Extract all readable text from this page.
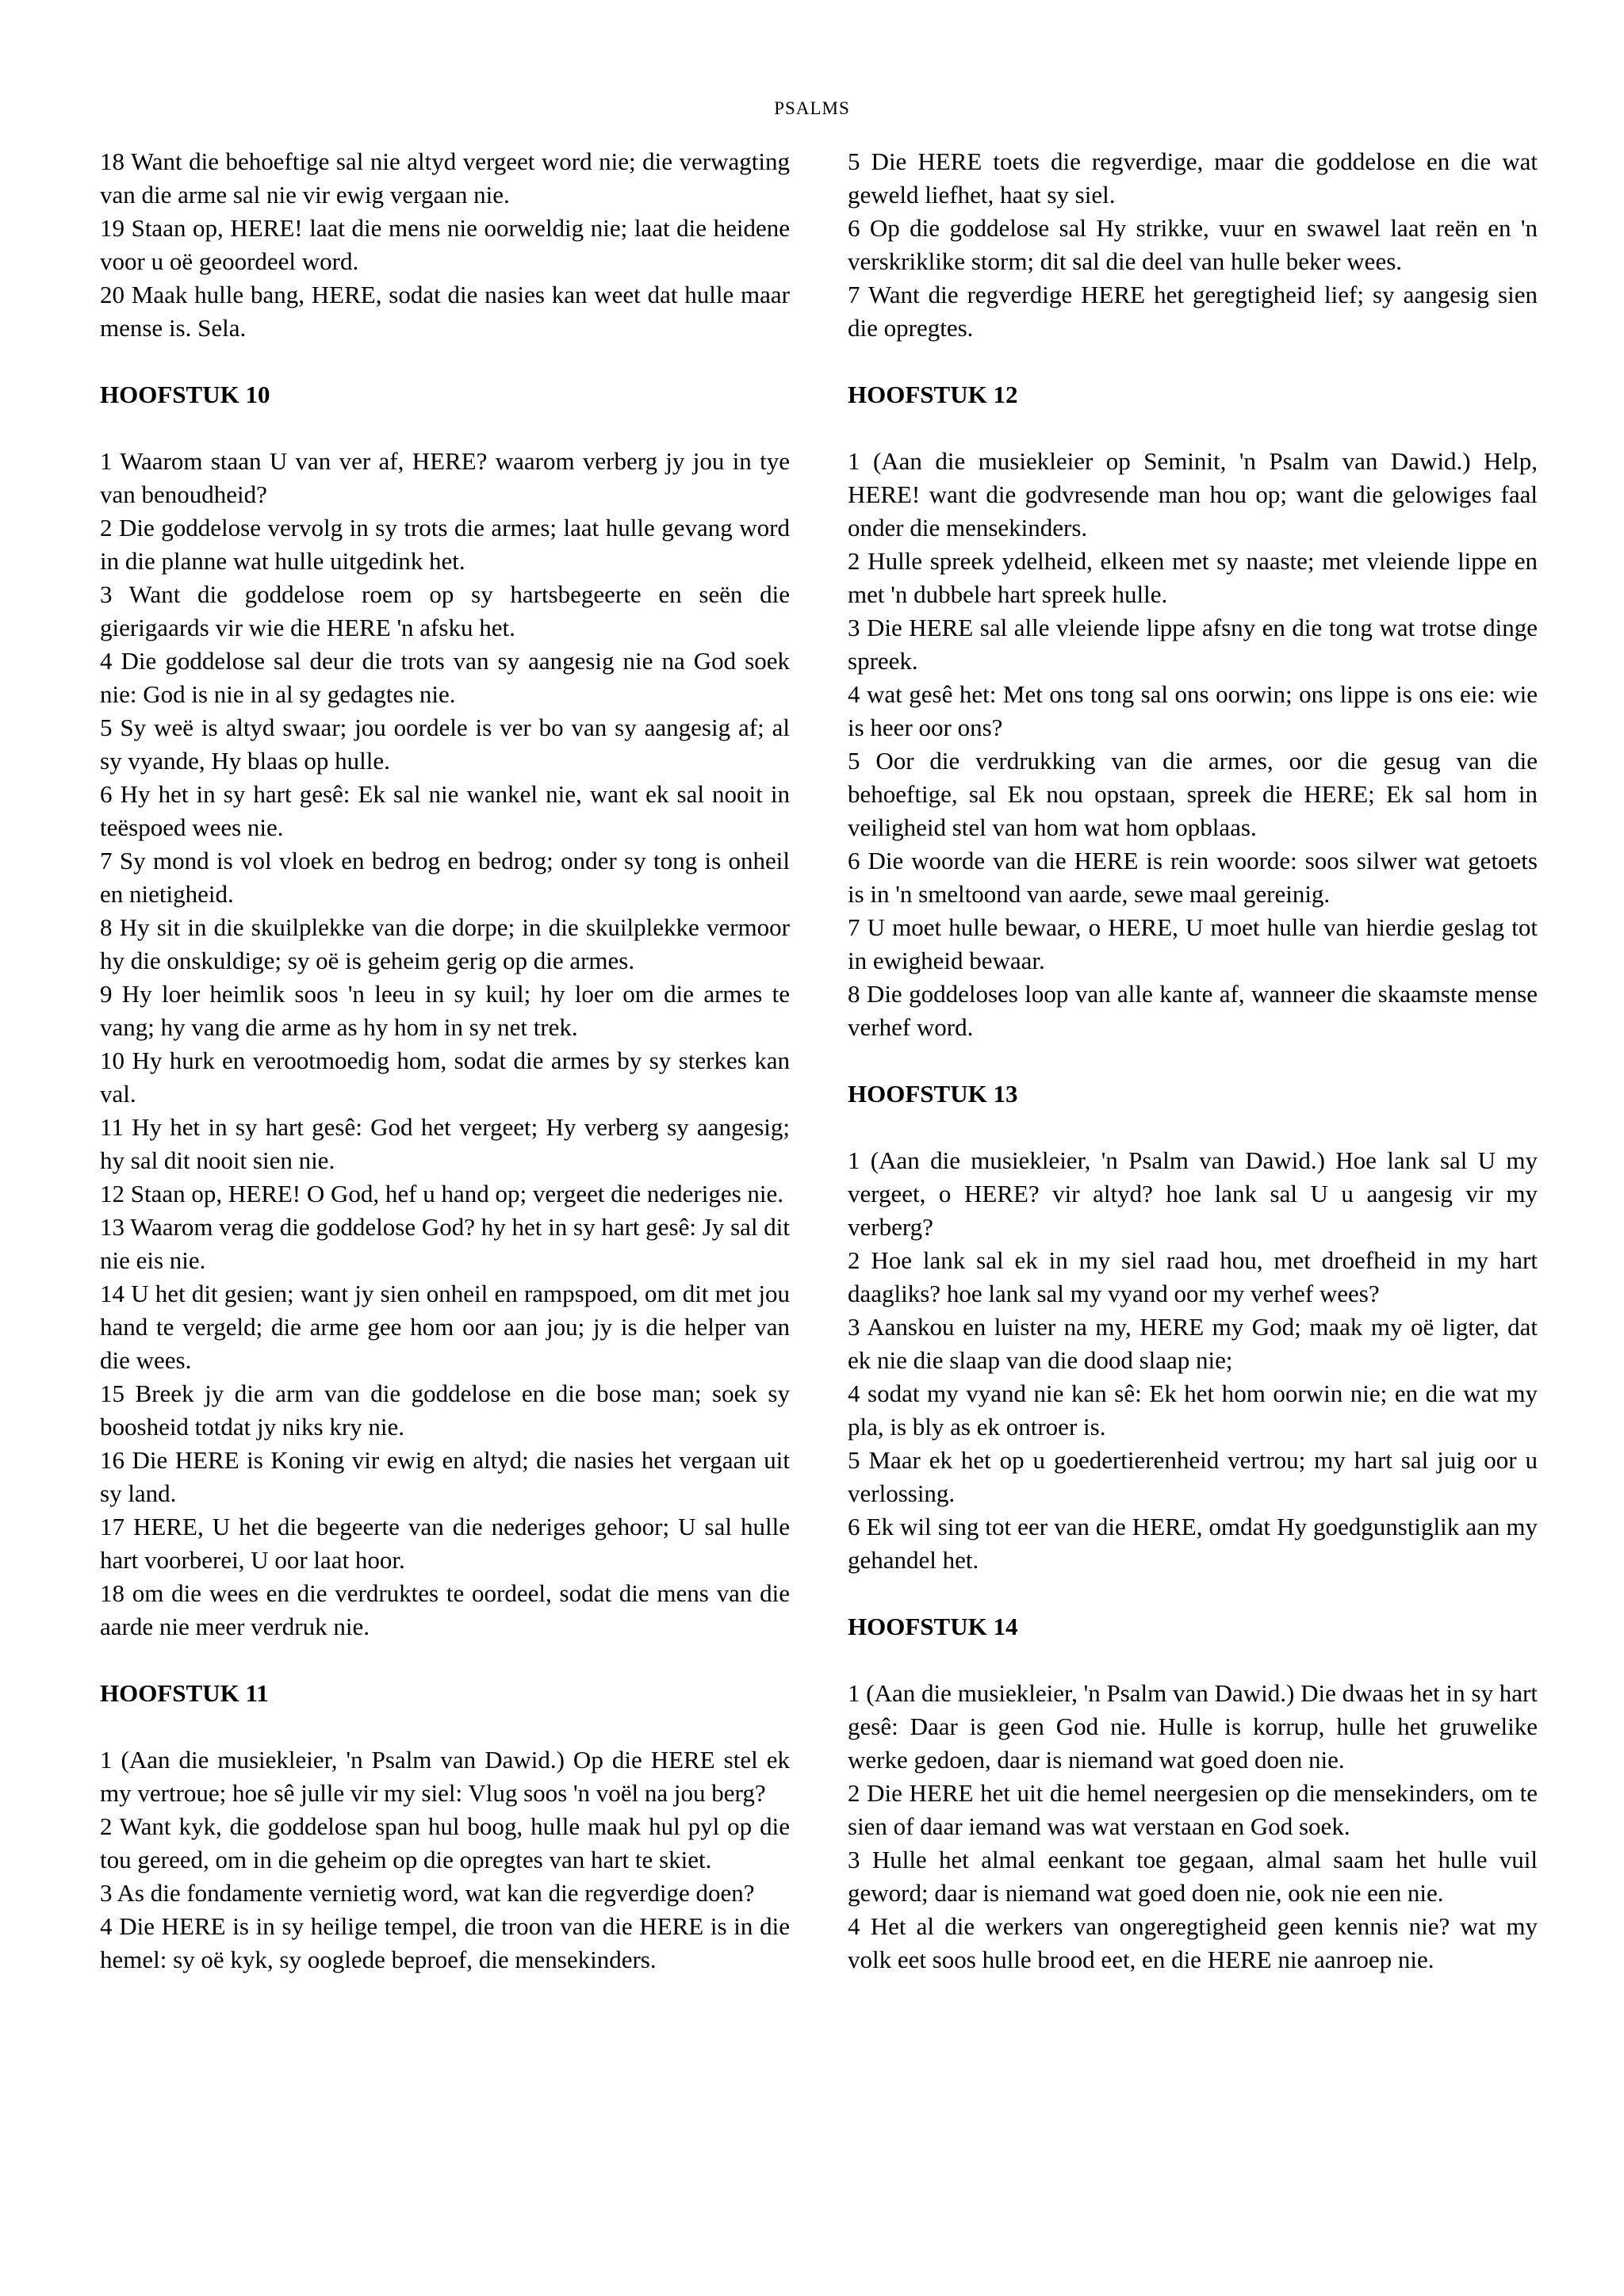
PSALMS
18 Want die behoeftige sal nie altyd vergeet word nie; die verwagting van die arme sal nie vir ewig vergaan nie.
19 Staan op, HERE! laat die mens nie oorweldig nie; laat die heidene voor u oë geoordeel word.
20 Maak hulle bang, HERE, sodat die nasies kan weet dat hulle maar mense is. Sela.
HOOFSTUK 10
1 Waarom staan U van ver af, HERE? waarom verberg jy jou in tye van benoudheid?
2 Die goddelose vervolg in sy trots die armes; laat hulle gevang word in die planne wat hulle uitgedink het.
3 Want die goddelose roem op sy hartsbegeerte en seën die gierigaards vir wie die HERE 'n afsku het.
4 Die goddelose sal deur die trots van sy aangesig nie na God soek nie: God is nie in al sy gedagtes nie.
5 Sy weë is altyd swaar; jou oordele is ver bo van sy aangesig af; al sy vyande, Hy blaas op hulle.
6 Hy het in sy hart gesê: Ek sal nie wankel nie, want ek sal nooit in teëspoed wees nie.
7 Sy mond is vol vloek en bedrog en bedrog; onder sy tong is onheil en nietigheid.
8 Hy sit in die skuilplekke van die dorpe; in die skuilplekke vermoor hy die onskuldige; sy oë is geheim gerig op die armes.
9 Hy loer heimlik soos 'n leeu in sy kuil; hy loer om die armes te vang; hy vang die arme as hy hom in sy net trek.
10 Hy hurk en verootmoedig hom, sodat die armes by sy sterkes kan val.
11 Hy het in sy hart gesê: God het vergeet; Hy verberg sy aangesig; hy sal dit nooit sien nie.
12 Staan op, HERE! O God, hef u hand op; vergeet die nederiges nie.
13 Waarom verag die goddelose God? hy het in sy hart gesê: Jy sal dit nie eis nie.
14 U het dit gesien; want jy sien onheil en rampspoed, om dit met jou hand te vergeld; die arme gee hom oor aan jou; jy is die helper van die wees.
15 Breek jy die arm van die goddelose en die bose man; soek sy boosheid totdat jy niks kry nie.
16 Die HERE is Koning vir ewig en altyd; die nasies het vergaan uit sy land.
17 HERE, U het die begeerte van die nederiges gehoor; U sal hulle hart voorberei, U oor laat hoor.
18 om die wees en die verdruktes te oordeel, sodat die mens van die aarde nie meer verdruk nie.
HOOFSTUK 11
1 (Aan die musiekleier, 'n Psalm van Dawid.) Op die HERE stel ek my vertroue; hoe sê julle vir my siel: Vlug soos 'n voël na jou berg?
2 Want kyk, die goddelose span hul boog, hulle maak hul pyl op die tou gereed, om in die geheim op die opregtes van hart te skiet.
3 As die fondamente vernietig word, wat kan die regverdige doen?
4 Die HERE is in sy heilige tempel, die troon van die HERE is in die hemel: sy oë kyk, sy ooglede beproef, die mensekinders.
5 Die HERE toets die regverdige, maar die goddelose en die wat geweld liefhet, haat sy siel.
6 Op die goddelose sal Hy strikke, vuur en swawel laat reën en 'n verskriklike storm; dit sal die deel van hulle beker wees.
7 Want die regverdige HERE het geregtigheid lief; sy aangesig sien die opregtes.
HOOFSTUK 12
1 (Aan die musiekleier op Seminit, 'n Psalm van Dawid.) Help, HERE! want die godvresende man hou op; want die gelowiges faal onder die mensekinders.
2 Hulle spreek ydelheid, elkeen met sy naaste; met vleiende lippe en met 'n dubbele hart spreek hulle.
3 Die HERE sal alle vleiende lippe afsny en die tong wat trotse dinge spreek.
4 wat gesê het: Met ons tong sal ons oorwin; ons lippe is ons eie: wie is heer oor ons?
5 Oor die verdrukking van die armes, oor die gesug van die behoeftige, sal Ek nou opstaan, spreek die HERE; Ek sal hom in veiligheid stel van hom wat hom opblaas.
6 Die woorde van die HERE is rein woorde: soos silwer wat getoets is in 'n smeltoond van aarde, sewe maal gereinig.
7 U moet hulle bewaar, o HERE, U moet hulle van hierdie geslag tot in ewigheid bewaar.
8 Die goddeloses loop van alle kante af, wanneer die skaamste mense verhef word.
HOOFSTUK 13
1 (Aan die musiekleier, 'n Psalm van Dawid.) Hoe lank sal U my vergeet, o HERE? vir altyd? hoe lank sal U u aangesig vir my verberg?
2 Hoe lank sal ek in my siel raad hou, met droefheid in my hart daagliks? hoe lank sal my vyand oor my verhef wees?
3 Aanskou en luister na my, HERE my God; maak my oë ligter, dat ek nie die slaap van die dood slaap nie;
4 sodat my vyand nie kan sê: Ek het hom oorwin nie; en die wat my pla, is bly as ek ontroer is.
5 Maar ek het op u goedertierenheid vertrou; my hart sal juig oor u verlossing.
6 Ek wil sing tot eer van die HERE, omdat Hy goedgunstiglik aan my gehandel het.
HOOFSTUK 14
1 (Aan die musiekleier, 'n Psalm van Dawid.) Die dwaas het in sy hart gesê: Daar is geen God nie. Hulle is korrup, hulle het gruwelike werke gedoen, daar is niemand wat goed doen nie.
2 Die HERE het uit die hemel neergesien op die mensekinders, om te sien of daar iemand was wat verstaan en God soek.
3 Hulle het almal eenkant toe gegaan, almal saam het hulle vuil geword; daar is niemand wat goed doen nie, ook nie een nie.
4 Het al die werkers van ongeregtigheid geen kennis nie? wat my volk eet soos hulle brood eet, en die HERE nie aanroep nie.
